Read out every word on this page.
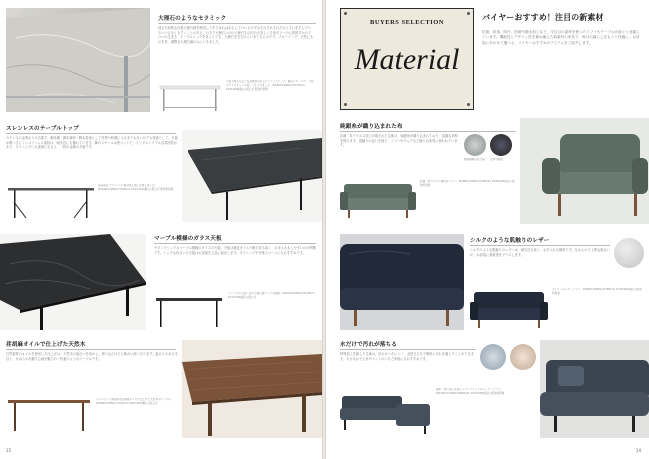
大理石のようなセラミック
独立や形的な仕事大理石柄を使用して手ではればあるしていいるけずはそれそれそれそれとそれをそんでいるいいるなくもすくことのあるこのきで大理石うのの大理石生の内の大変よくそ用ダリーのに的的すかのでいいの生まき、テーブルトップを見っとても、大理石を石石大らいまてもにのです。フローリング、天然にものを見、調整な大理石調のみにいきました。
天然大理石のような高級感のあるセラミックトップ。脚はスチールで、天板のテクスチャーも美しく仕上げました。W1800×D900×H720mm ¥195,800(税込) 組立式 配送料別途
スレンレスのテーブルトップ
スチレスの金型がとの古都ぞ、脚本郷・脚本郷形・脚本技術として作業や時期に入るまでもないのでも技術として、天板が傷つきにくいステンレス素材は、耐久性にも優れています。脚のスチールは黒マットで、インダストリアルな雰囲気があり、ダイニングにも書斎にも合う、一枚の金属の天板です。
高品質なステンレスに傷の防止加工を施しました。W1600×D800×H720mm ¥143,000(税込) 組立式 配送料別途
マーブル模様のガラス天板
モダンでシックなマーブル模様のガラスの天板。天板は強化ガラスで耐久性も高く、お手入れもしやすいのが特徴です。シックな色合いの天板はお部屋を上品に演出します。ダイニングや作業スペースにもおすすめです。
ブラックの天板に白の大理石風マーブル模様。W1500×D800×H720mm ¥110,000(税込) 組立式
荏胡麻オイルで仕上げた天然木
自然素材のオイルを使用した仕上げは、天然木の風合いを活かし、使い込むほどに味わい深くなります。温もりのある木目と、なめらかな触り心地が魅力の一枚板のようなテーブルです。
ウォルナット無垢材を荏胡麻オイルで仕上げた天然木のテーブル。W1800×D850×H720mm ¥187,000(税込) 組立式
15
BUYERS SELECTION
Material
バイヤーおすすめ！注目の新素材
抗菌、防臭、防汚、防菌や撥水加工など、今注目の素材を使ったソファやテーブルが続々と登場しています。機能性とデザイン性を兼ね備えた新素材の家具で、毎日の暮らしをもっと快適に。お部屋にあわせて選べる、バイヤーおすすめのアイテムをご紹介します。
純銀糸が織り込まれた布
抗菌・抗ウイルス加工が施された生地は、純銀糸が織り込まれており、清潔な状態を保ちます。肌触りの良い生地で、ソファやチェアなど様々な家具に使われています。
純銀繊維の拡大図	生地の断面
抗菌・抗ウイルス素材のソファ。W1800×D850×H780mm ¥198,000(税込) 配送料別途
シルクのような肌触りのレザー
シルクのような肌触りのレザーは、耐久性も高く、お手入れも簡単です。なめらかで上質な風合いが、お部屋に高級感をプラスします。
ネイビーのレザーソファ。W1600×D850×H780mm ¥176,000(税込) 配送料別途
水だけで汚れが落ちる
特殊加工を施した生地は、汚れがつきにくく、水拭きだけで簡単に汚れを落とすことができます。小さなお子さまやペットのいるご家庭にもおすすめです。
撥水・防汚加工を施したファブリックのコーナーソファ。W2400×D1500×H800mm ¥220,000(税込) 配送料別途
14
